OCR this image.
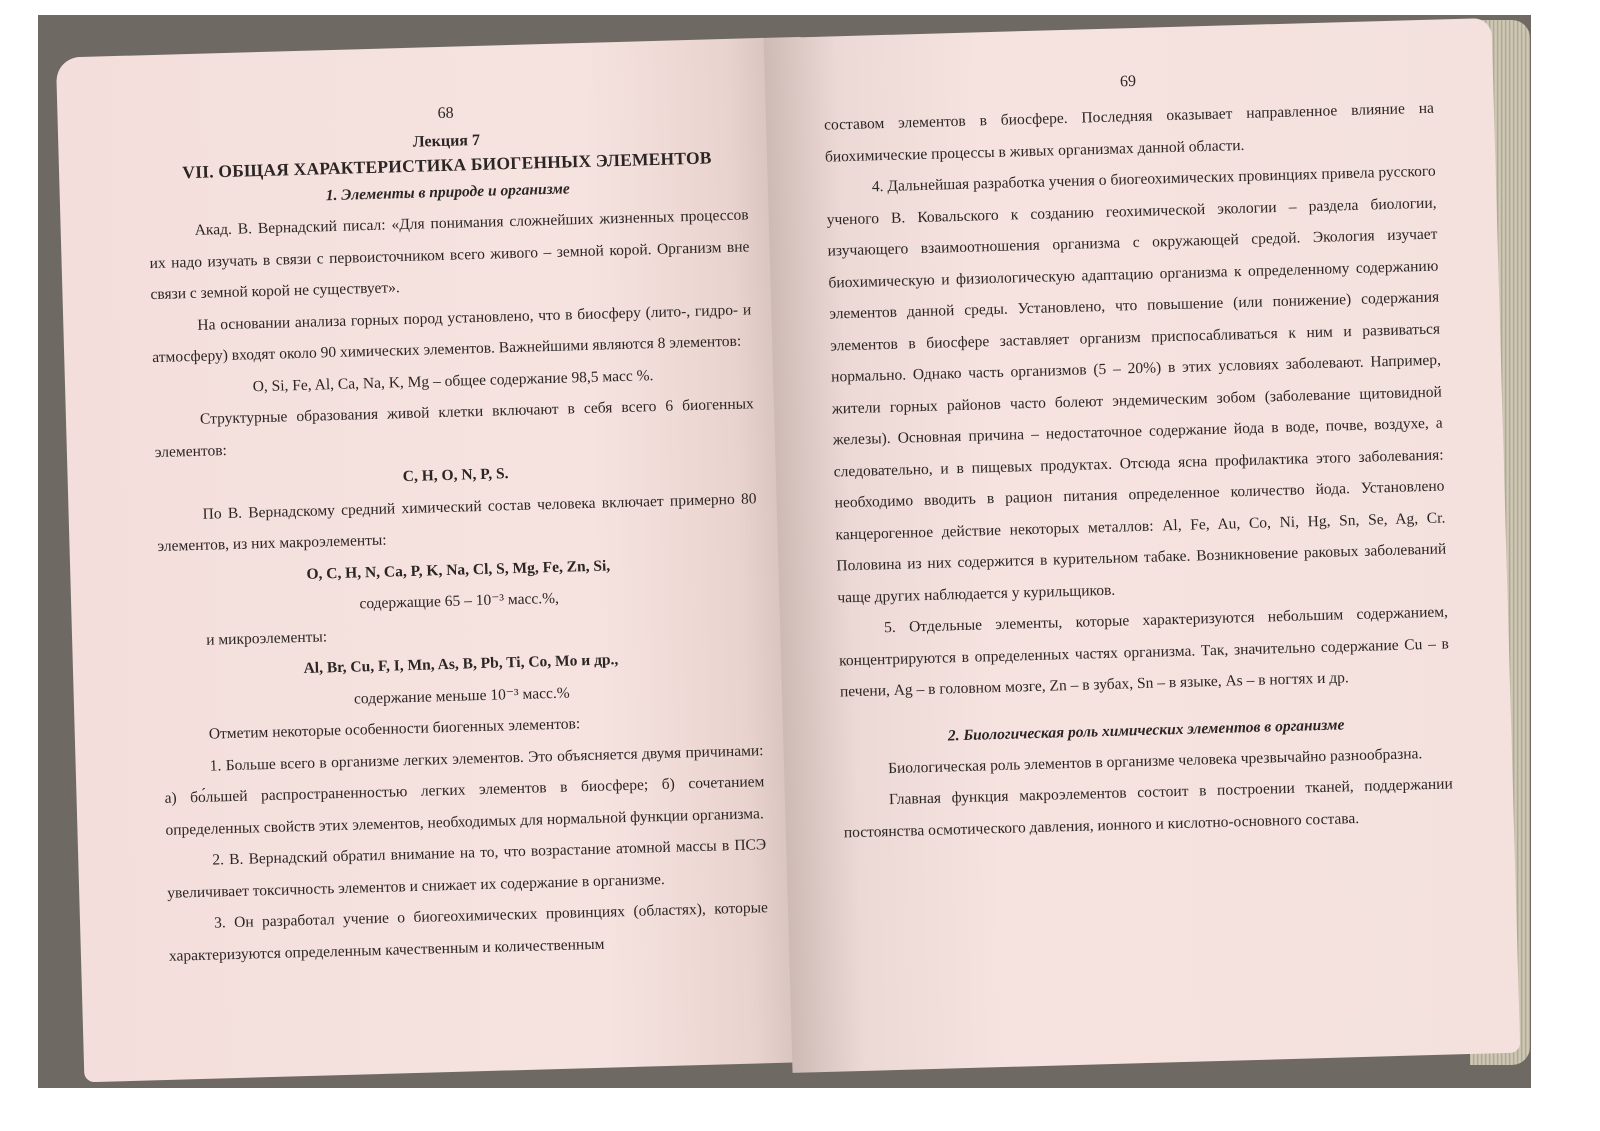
68
Лекция 7
VII. ОБЩАЯ ХАРАКТЕРИСТИКА БИОГЕННЫХ ЭЛЕМЕНТОВ
1. Элементы в природе и организме

Акад. В. Вернадский писал: «Для понимания сложнейших жизненных процессов их надо изучать в связи с первоисточником всего живого – земной корой. Организм вне связи с земной корой не существует».

На основании анализа горных пород установлено, что в биосферу (лито-, гидро- и атмосферу) входят около 90 химических элементов. Важнейшими являются 8 элементов:

O, Si, Fe, Al, Ca, Na, K, Mg – общее содержание 98,5 масс %.

Структурные образования живой клетки включают в себя всего 6 биогенных элементов:

C, H, O, N, P, S.

По В. Вернадскому средний химический состав человека включает примерно 80 элементов, из них макроэлементы:

O, C, H, N, Ca, P, K, Na, Cl, S, Mg, Fe, Zn, Si,

содержащие 65 – 10⁻³ масс.%,

и микроэлементы:

Al, Br, Cu, F, I, Mn, As, B, Pb, Ti, Co, Mo и др.,

содержание меньше 10⁻³ масс.%

Отметим некоторые особенности биогенных элементов:

1. Больше всего в организме легких элементов. Это объясняется двумя причинами: а) бо́льшей распространенностью легких элементов в биосфере; б) сочетанием определенных свойств этих элементов, необходимых для нормальной функции организма.

2. В. Вернадский обратил внимание на то, что возрастание атомной массы в ПСЭ увеличивает токсичность элементов и снижает их содержание в организме.

3. Он разработал учение о биогеохимических провинциях (областях), которые характеризуются определенным качественным и количественным

69

составом элементов в биосфере. Последняя оказывает направленное влияние на биохимические процессы в живых организмах данной области.

4. Дальнейшая разработка учения о биогеохимических провинциях привела русского ученого В. Ковальского к созданию геохимической экологии – раздела биологии, изучающего взаимоотношения организма с окружающей средой. Экология изучает биохимическую и физиологическую адаптацию организма к определенному содержанию элементов данной среды. Установлено, что повышение (или понижение) содержания элементов в биосфере заставляет организм приспосабливаться к ним и развиваться нормально. Однако часть организмов (5 – 20%) в этих условиях заболевают. Например, жители горных районов часто болеют эндемическим зобом (заболевание щитовидной железы). Основная причина – недостаточное содержание йода в воде, почве, воздухе, а следовательно, и в пищевых продуктах. Отсюда ясна профилактика этого заболевания: необходимо вводить в рацион питания определенное количество йода. Установлено канцерогенное действие некоторых металлов: Al, Fe, Au, Co, Ni, Hg, Sn, Se, Ag, Cr. Половина из них содержится в курительном табаке. Возникновение раковых заболеваний чаще других наблюдается у курильщиков.

5. Отдельные элементы, которые характеризуются небольшим содержанием, концентрируются в определенных частях организма. Так, значительно содержание Cu – в печени, Ag – в головном мозге, Zn – в зубах, Sn – в языке, As – в ногтях и др.

2. Биологическая роль химических элементов в организме

Биологическая роль элементов в организме человека чрезвычайно разнообразна.

Главная функция макроэлементов состоит в построении тканей, поддержании постоянства осмотического давления, ионного и кислотно-основного состава.
